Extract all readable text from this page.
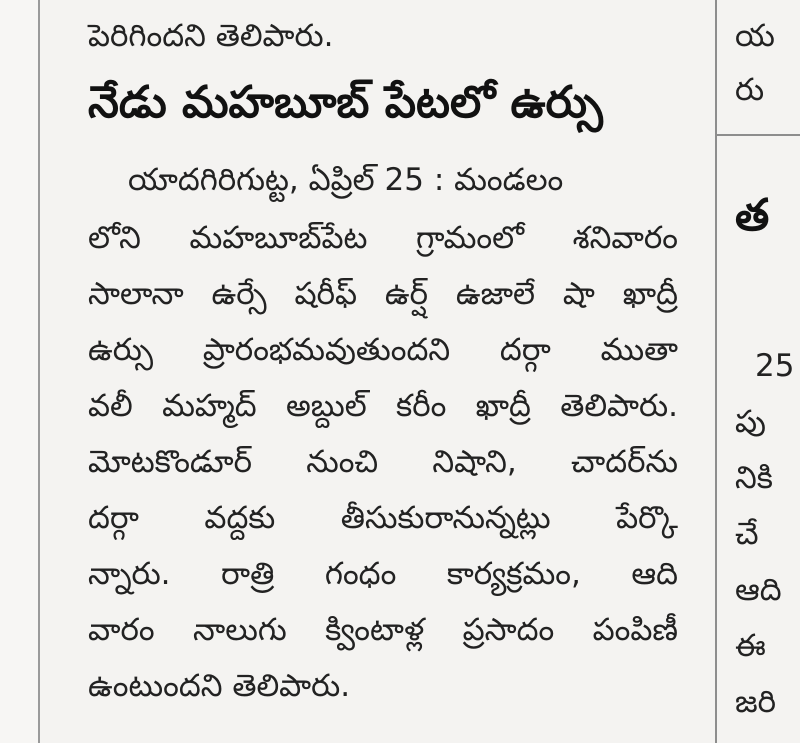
పెరిగిందని తెలిపారు.
నేడు మహబూబ్ పేటలో ఉర్సు
యాదగిరిగుట్ట, ఏప్రిల్ 25 : మండలం
లోని మహబూబ్‌పేట గ్రామంలో శనివారం
సాలానా ఉర్సే షరీఫ్ ఉర్ష్ ఉజాలే షా ఖాద్రీ
ఉర్సు ప్రారంభమవుతుందని దర్గా ముతా
వలీ మహ్మద్ అబ్దుల్ కరీం ఖాద్రీ తెలిపారు.
మోటకొండూర్ నుంచి నిషాని, చాదర్‌ను
దర్గా వద్దకు తీసుకురానున్నట్లు పేర్కొ
న్నారు. రాత్రి గంధం కార్యక్రమం, ఆది
వారం నాలుగు క్వింటాళ్ల ప్రసాదం పంపిణీ
ఉంటుందని తెలిపారు.
య
రు
త
25
పు
నికి
చే
ఆది
ఈ
జరి
